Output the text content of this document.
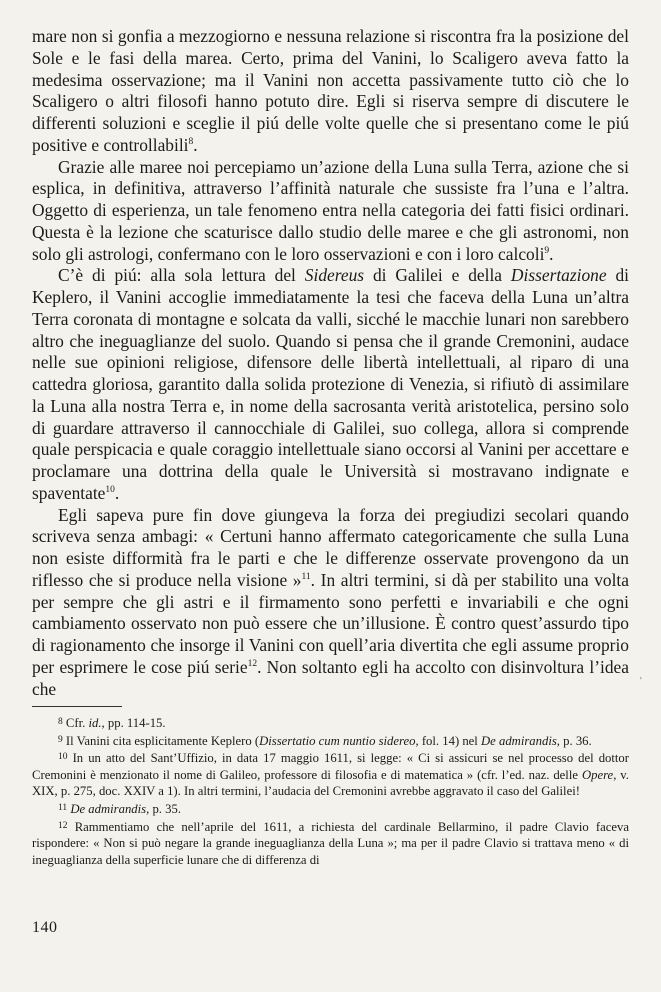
mare non si gonfia a mezzogiorno e nessuna relazione si riscontra fra la posizione del Sole e le fasi della marea. Certo, prima del Vanini, lo Scaligero aveva fatto la medesima osservazione; ma il Vanini non accetta passivamente tutto ciò che lo Scaligero o altri filosofi hanno potuto dire. Egli si riserva sempre di discutere le differenti soluzioni e sceglie il piú delle volte quelle che si presentano come le piú positive e controllabili$^8$.

Grazie alle maree noi percepiamo un’azione della Luna sulla Terra, azione che si esplica, in definitiva, attraverso l’affinità naturale che sussiste fra l’una e l’altra. Oggetto di esperienza, un tale fenomeno entra nella categoria dei fatti fisici ordinari. Questa è la lezione che scaturisce dallo studio delle maree e che gli astronomi, non solo gli astrologi, confermano con le loro osservazioni e con i loro calcoli$^9$.

C’è di piú: alla sola lettura del Sidereus di Galilei e della Dissertazione di Keplero, il Vanini accoglie immediatamente la tesi che faceva della Luna un’altra Terra coronata di montagne e solcata da valli, sicché le macchie lunari non sarebbero altro che ineguaglianze del suolo. Quando si pensa che il grande Cremonini, audace nelle sue opinioni religiose, difensore delle libertà intellettuali, al riparo di una cattedra gloriosa, garantito dalla solida protezione di Venezia, si rifiutò di assimilare la Luna alla nostra Terra e, in nome della sacrosanta verità aristotelica, persino solo di guardare attraverso il cannocchiale di Galilei, suo collega, allora si comprende quale perspicacia e quale coraggio intellettuale siano occorsi al Vanini per accettare e proclamare una dottrina della quale le Università si mostravano indignate e spaventate$^{10}$.

Egli sapeva pure fin dove giungeva la forza dei pregiudizi secolari quando scriveva senza ambagi: « Certuni hanno affermato categoricamente che sulla Luna non esiste difformità fra le parti e che le differenze osservate provengono da un riflesso che si produce nella visione »$^{11}$. In altri termini, si dà per stabilito una volta per sempre che gli astri e il firmamento sono perfetti e invariabili e che ogni cambiamento osservato non può essere che un’illusione. È contro quest’assurdo tipo di ragionamento che insorge il Vanini con quell’aria divertita che egli assume proprio per esprimere le cose piú serie$^{12}$. Non soltanto egli ha accolto con disinvoltura l’idea che

$^8$ Cfr. id., pp. 114-15.

$^9$ Il Vanini cita esplicitamente Keplero (Dissertatio cum nuntio sidereo, fol. 14) nel De admirandis, p. 36.

$^{10}$ In un atto del Sant’Uffizio, in data 17 maggio 1611, si legge: « Ci si assicuri se nel processo del dottor Cremonini è menzionato il nome di Galileo, professore di filosofia e di matematica » (cfr. l’ed. naz. delle Opere, v. XIX, p. 275, doc. XXIV a 1). In altri termini, l’audacia del Cremonini avrebbe aggravato il caso del Galilei!

$^{11}$ De admirandis, p. 35.

$^{12}$ Rammentiamo che nell’aprile del 1611, a richiesta del cardinale Bellarmino, il padre Clavio faceva rispondere: « Non si può negare la grande ineguaglianza della Luna »; ma per il padre Clavio si trattava meno « di ineguaglianza della superficie lunare che di differenza di

140
'
